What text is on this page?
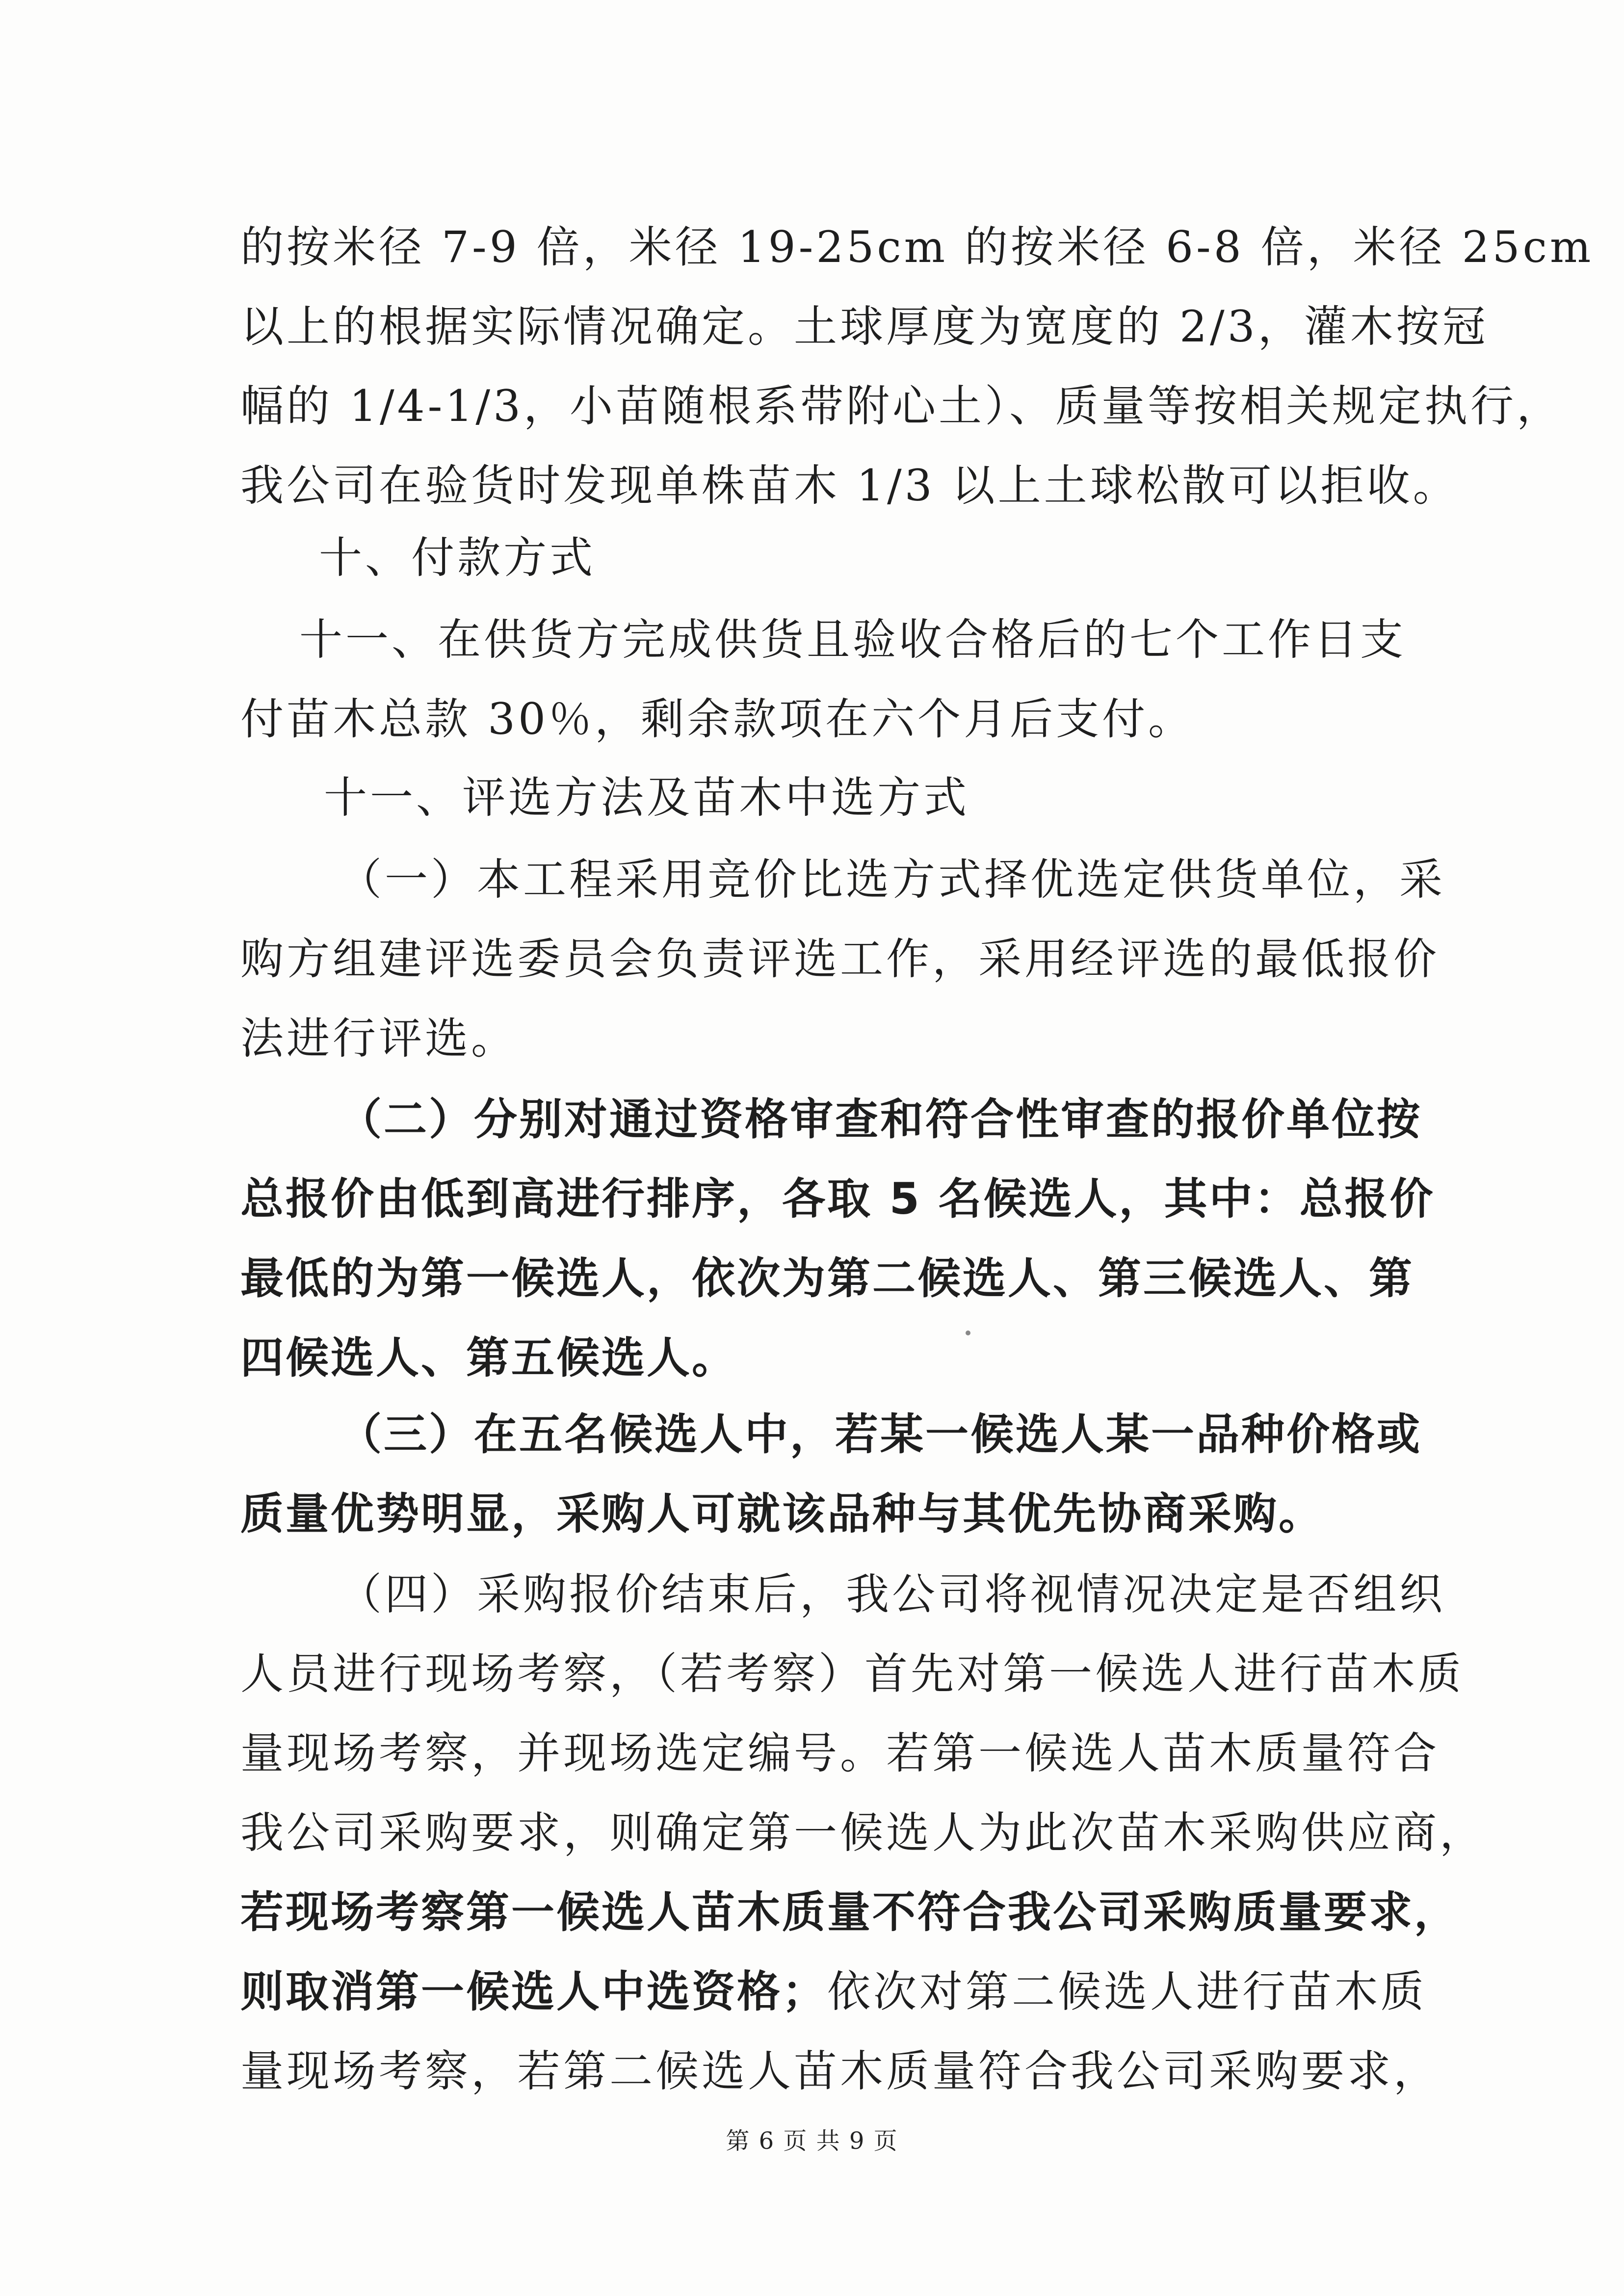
的按米径 7-9 倍，米径 19-25cm 的按米径 6-8 倍，米径 25cm
以上的根据实际情况确定。土球厚度为宽度的 2/3，灌木按冠
幅的 1/4-1/3，小苗随根系带附心土）、质量等按相关规定执行，
我公司在验货时发现单株苗木 1/3 以上土球松散可以拒收。
十、付款方式
十一、在供货方完成供货且验收合格后的七个工作日支
付苗木总款 30％，剩余款项在六个月后支付。
十一、评选方法及苗木中选方式
（一）本工程采用竞价比选方式择优选定供货单位，采
购方组建评选委员会负责评选工作，采用经评选的最低报价
法进行评选。
（二）分别对通过资格审查和符合性审查的报价单位按
总报价由低到高进行排序，各取 5 名候选人，其中：总报价
最低的为第一候选人，依次为第二候选人、第三候选人、第
四候选人、第五候选人。
（三）在五名候选人中，若某一候选人某一品种价格或
质量优势明显，采购人可就该品种与其优先协商采购。
（四）采购报价结束后，我公司将视情况决定是否组织
人员进行现场考察，（若考察）首先对第一候选人进行苗木质
量现场考察，并现场选定编号。若第一候选人苗木质量符合
我公司采购要求，则确定第一候选人为此次苗木采购供应商，
若现场考察第一候选人苗木质量不符合我公司采购质量要求，
则取消第一候选人中选资格；依次对第二候选人进行苗木质
量现场考察，若第二候选人苗木质量符合我公司采购要求，
第 6 页 共 9 页
